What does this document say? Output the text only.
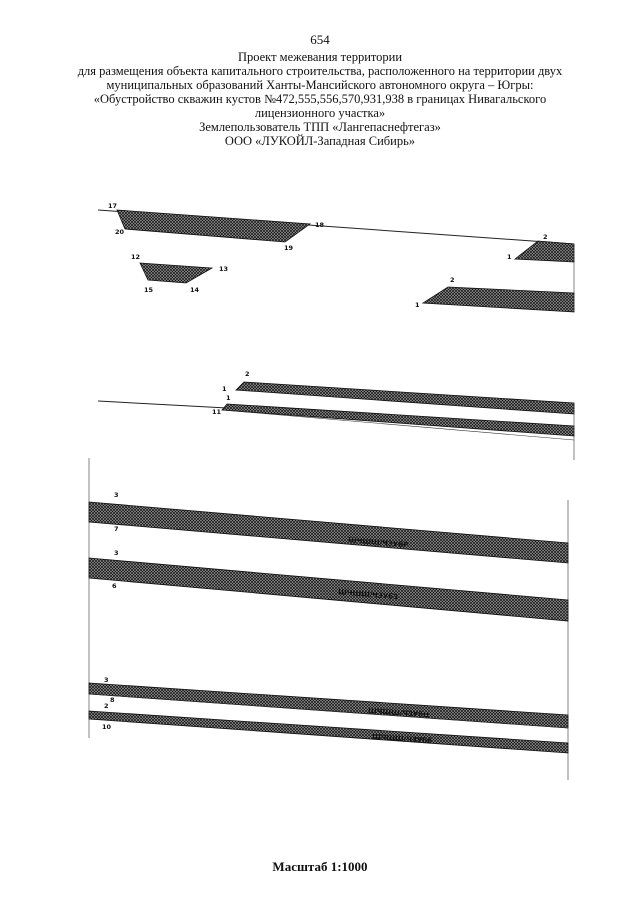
654
Проект межевания территории
для размещения объекта капитального строительства, расположенного на территории двух
муниципальных образований Ханты-Мансийского автономного округа – Югры:
«Обустройство скважин кустов №472,555,556,570,931,938 в границах Нивагальского
лицензионного участка»
Землепользователь ТПП «Лангепаснефтегаз»
ООО «ЛУКОЙЛ-Западная Сибирь»
17
20
18
19
12
13
15	14
2
1
2
1
2
1
1
11
ШЧШШ/ЧЗУбР
3
7
ШЧШШ/ЧЗУбЗ
3
6
ШЧШШ/ЧЗУбЦ
ШЧШШ/ЧЗУбб
3
8
2
10
Масштаб 1:1000
